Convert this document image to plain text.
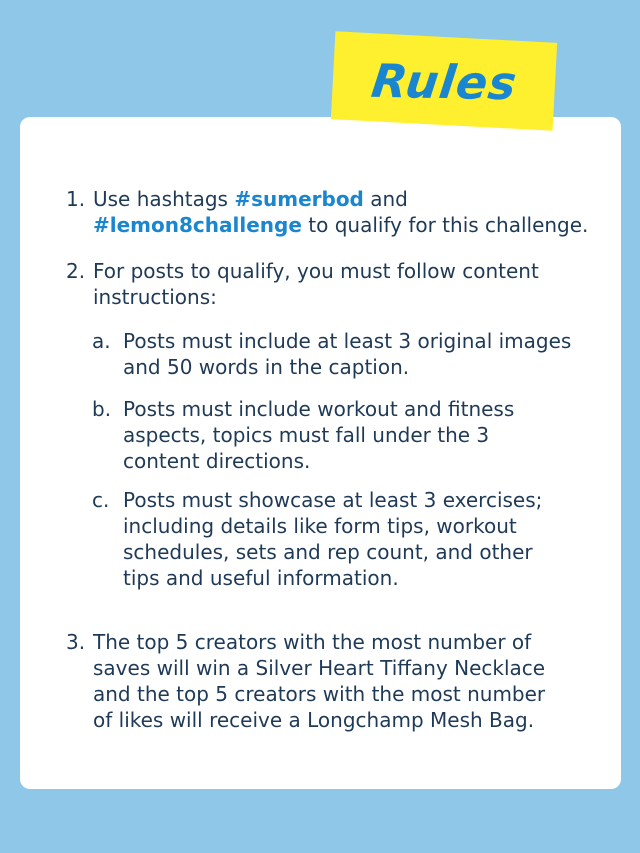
Rules
1. Use hashtags #sumerbod and
#lemon8challenge to qualify for this challenge.
2. For posts to qualify, you must follow content
instructions:
a. Posts must include at least 3 original images
and 50 words in the caption.
b. Posts must include workout and fitness
aspects, topics must fall under the 3
content directions.
c. Posts must showcase at least 3 exercises;
including details like form tips, workout
schedules, sets and rep count, and other
tips and useful information.
3. The top 5 creators with the most number of
saves will win a Silver Heart Tiffany Necklace
and the top 5 creators with the most number
of likes will receive a Longchamp Mesh Bag.
